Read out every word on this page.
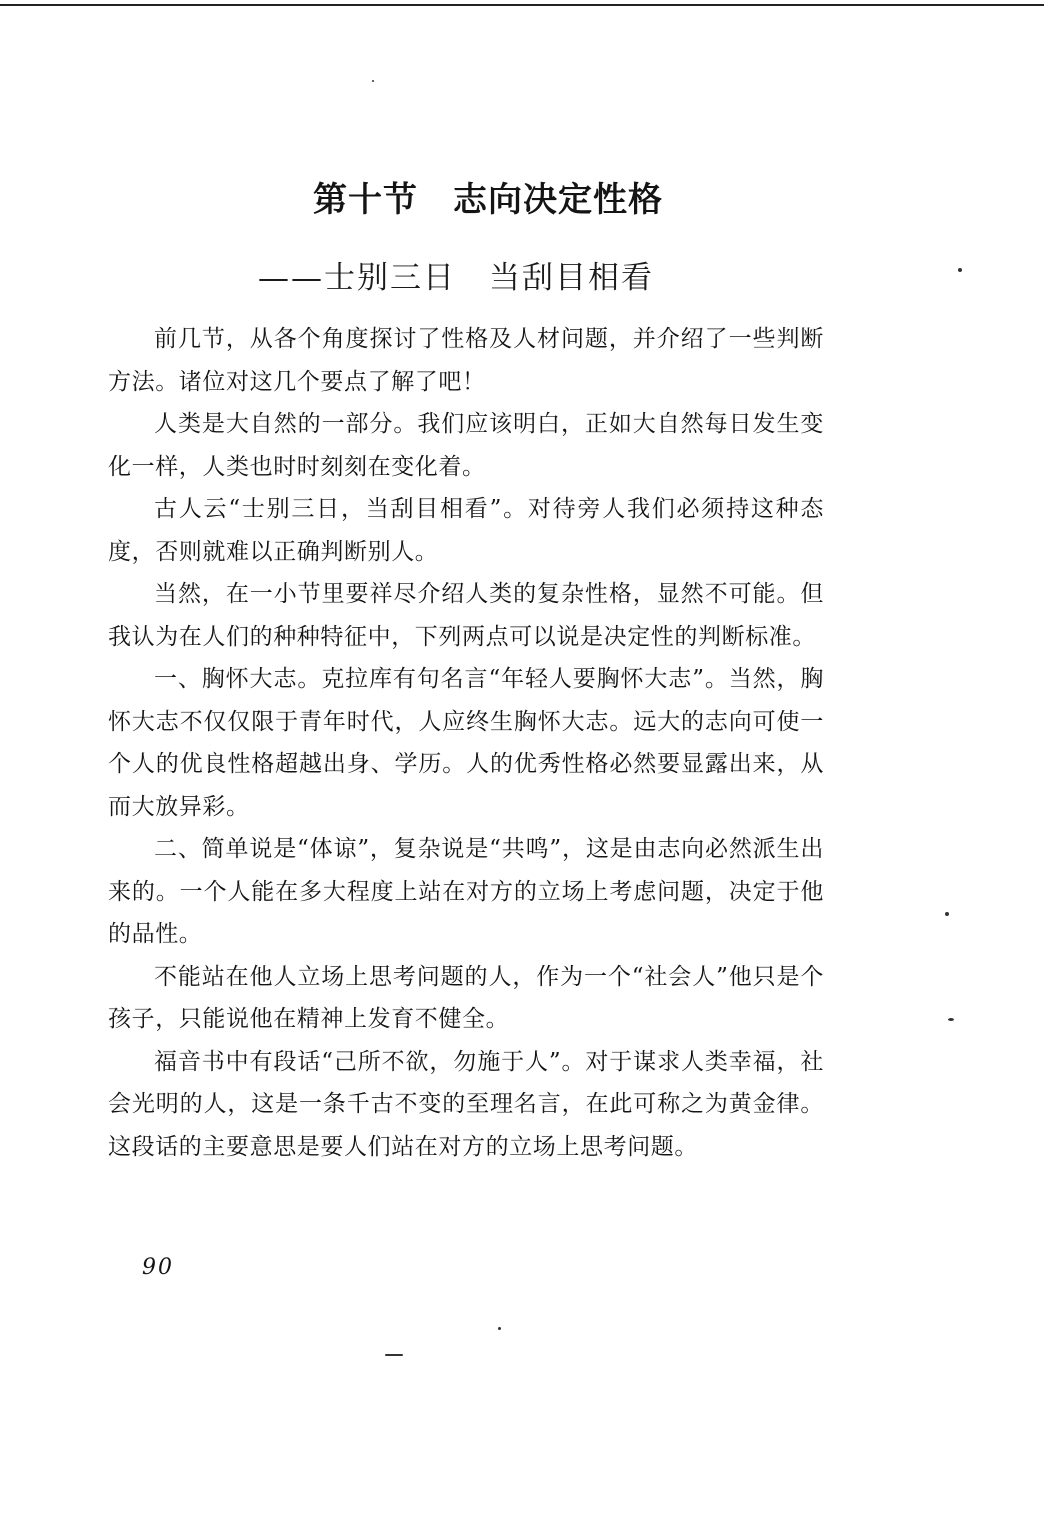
第十节　志向决定性格
——士别三日　当刮目相看

前几节，从各个角度探讨了性格及人材问题，并介绍了一些判断方法。诸位对这几个要点了解了吧！

人类是大自然的一部分。我们应该明白，正如大自然每日发生变化一样，人类也时时刻刻在变化着。

古人云“士别三日，当刮目相看”。对待旁人我们必须持这种态度，否则就难以正确判断别人。

当然，在一小节里要祥尽介绍人类的复杂性格，显然不可能。但我认为在人们的种种特征中，下列两点可以说是决定性的判断标准。

一、胸怀大志。克拉库有句名言“年轻人要胸怀大志”。当然，胸怀大志不仅仅限于青年时代，人应终生胸怀大志。远大的志向可使一个人的优良性格超越出身、学历。人的优秀性格必然要显露出来，从而大放异彩。

二、简单说是“体谅”，复杂说是“共鸣”，这是由志向必然派生出来的。一个人能在多大程度上站在对方的立场上考虑问题，决定于他的品性。

不能站在他人立场上思考问题的人，作为一个“社会人”他只是个孩子，只能说他在精神上发育不健全。

福音书中有段话“己所不欲，勿施于人”。对于谋求人类幸福，社会光明的人，这是一条千古不变的至理名言，在此可称之为黄金律。这段话的主要意思是要人们站在对方的立场上思考问题。

90
